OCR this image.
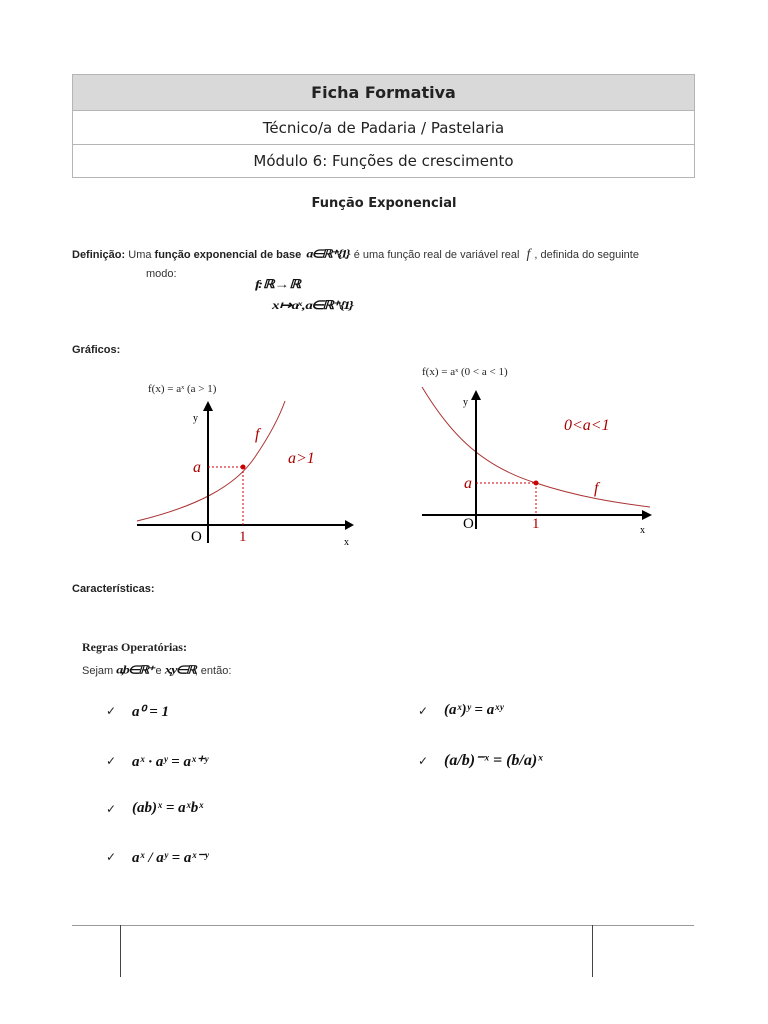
Ficha Formativa
Técnico/a de Padaria / Pastelaria
Módulo 6: Funções de crescimento
Função Exponencial
Definição: Uma função exponencial de base a∈ℝ⁺\{1} é uma função real de variável real f , definida do seguinte
modo:
f: ℝ → ℝ
x ↦ aˣ , a∈ℝ⁺\{1}
Gráficos:
f(x) = aˣ (a > 1)
f(x) = aˣ (0 < a < 1)
y
x
O 1
a
f
a>1
y
x
O	1
a	f
0<a<1
Características:
Regras Operatórias:
Sejam a,b∈ℝ⁺ e x,y∈ℝ, então:
✓ a⁰ = 1	✓ (aˣ)ʸ = aˣʸ
✓ aˣ · aʸ = aˣ⁺ʸ	✓ (a/b)⁻ˣ = (b/a)ˣ
✓ (ab)ˣ = aˣbˣ
✓ aˣ / aʸ = aˣ⁻ʸ
